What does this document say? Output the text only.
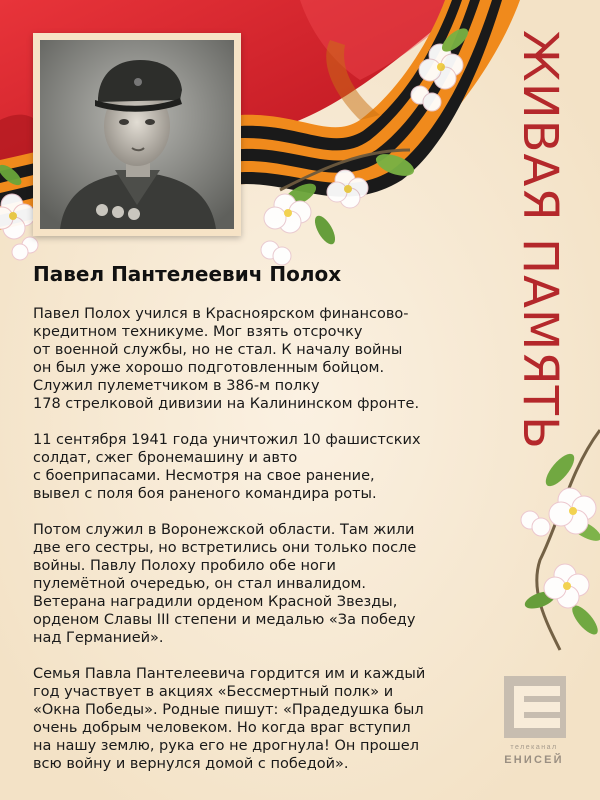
ЖИВАЯ ПАМЯТЬ
Павел Пантелеевич Полох

Павел Полох учился в Красноярском финансово-
кредитном техникуме. Мог взять отсрочку
от военной службы, но не стал. К началу войны
он был уже хорошо подготовленным бойцом.
Служил пулеметчиком в 386-м полку
178 стрелковой дивизии на Калининском фронте.

11 сентября 1941 года уничтожил 10 фашистских
солдат, сжег бронемашину и авто
с боеприпасами. Несмотря на свое ранение,
вывел с поля боя раненого командира роты.

Потом служил в Воронежской области. Там жили
две его сестры, но встретились они только после
войны. Павлу Полоху пробило обе ноги
пулемётной очередью, он стал инвалидом.
Ветерана наградили орденом Красной Звезды,
орденом Славы III степени и медалью «За победу
над Германией».

Семья Павла Пантелеевича гордится им и каждый
год участвует в акциях «Бессмертный полк» и
«Окна Победы». Родные пишут: «Прадедушка был
очень добрым человеком. Но когда враг вступил
на нашу землю, рука его не дрогнула! Он прошел
всю войну и вернулся домой с победой».

телеканал
ЕНИСЕЙ
